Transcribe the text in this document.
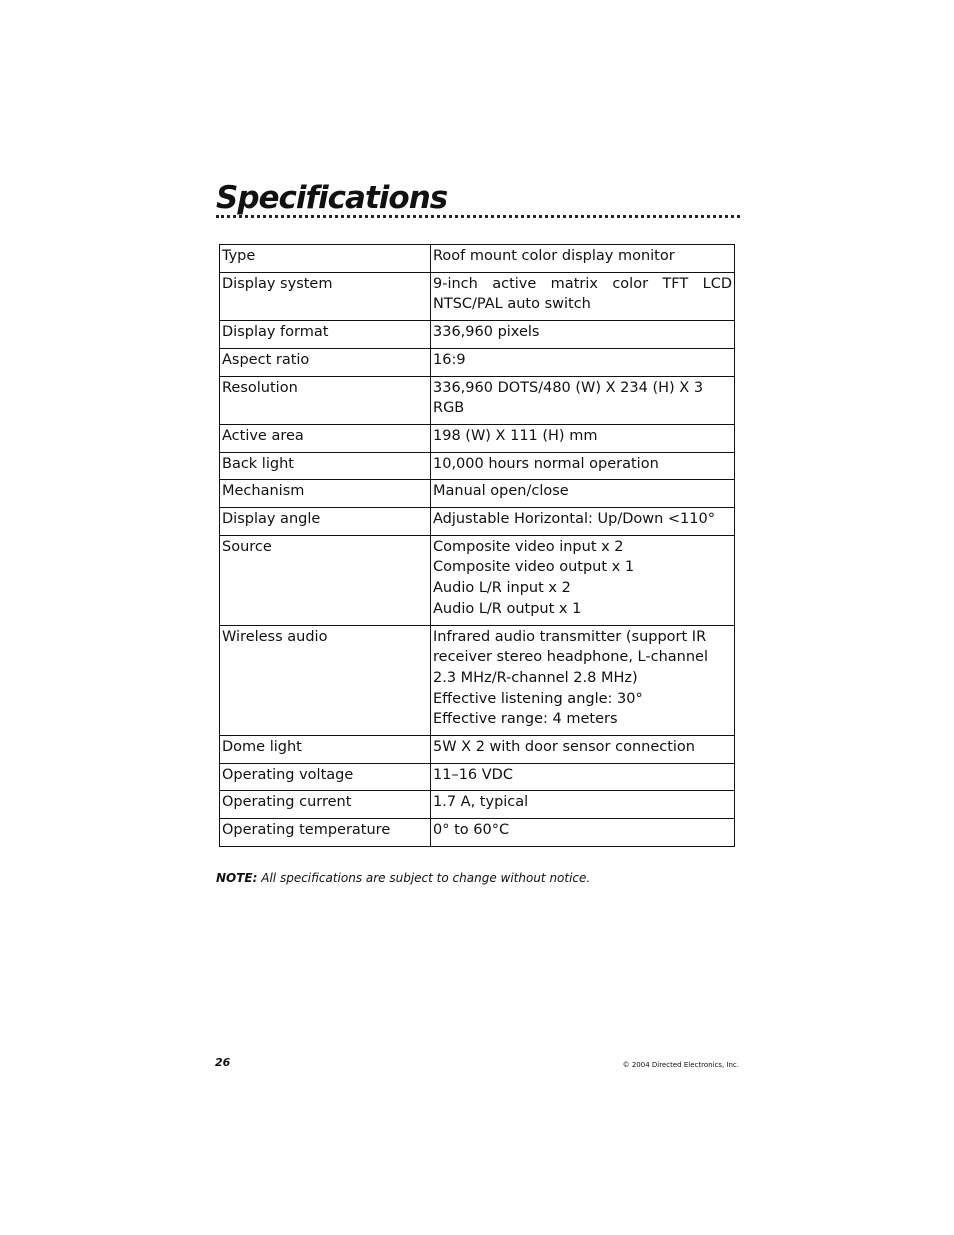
Specifications
Type	Roof mount color display monitor

Display system	9-inch active matrix color TFT LCD NTSC/PAL auto switch

Display format	336,960 pixels

Aspect ratio	16:9

Resolution	336,960 DOTS/480 (W) X 234 (H) X 3 RGB

Active area	198 (W) X 111 (H) mm

Back light	10,000 hours normal operation

Mechanism	Manual open/close

Display angle	Adjustable Horizontal: Up/Down <110°

Source	Composite video input x 2
Composite video output x 1
Audio L/R input x 2
Audio L/R output x 1

Wireless audio	Infrared audio transmitter (support IR receiver stereo headphone, L-channel 2.3 MHz/R-channel 2.8 MHz)
Effective listening angle: 30°
Effective range: 4 meters

Dome light	5W X 2 with door sensor connection

Operating voltage	11–16 VDC

Operating current	1.7 A, typical

Operating temperature	0° to 60°C
NOTE: All specifications are subject to change without notice.
26	© 2004 Directed Electronics, Inc.
